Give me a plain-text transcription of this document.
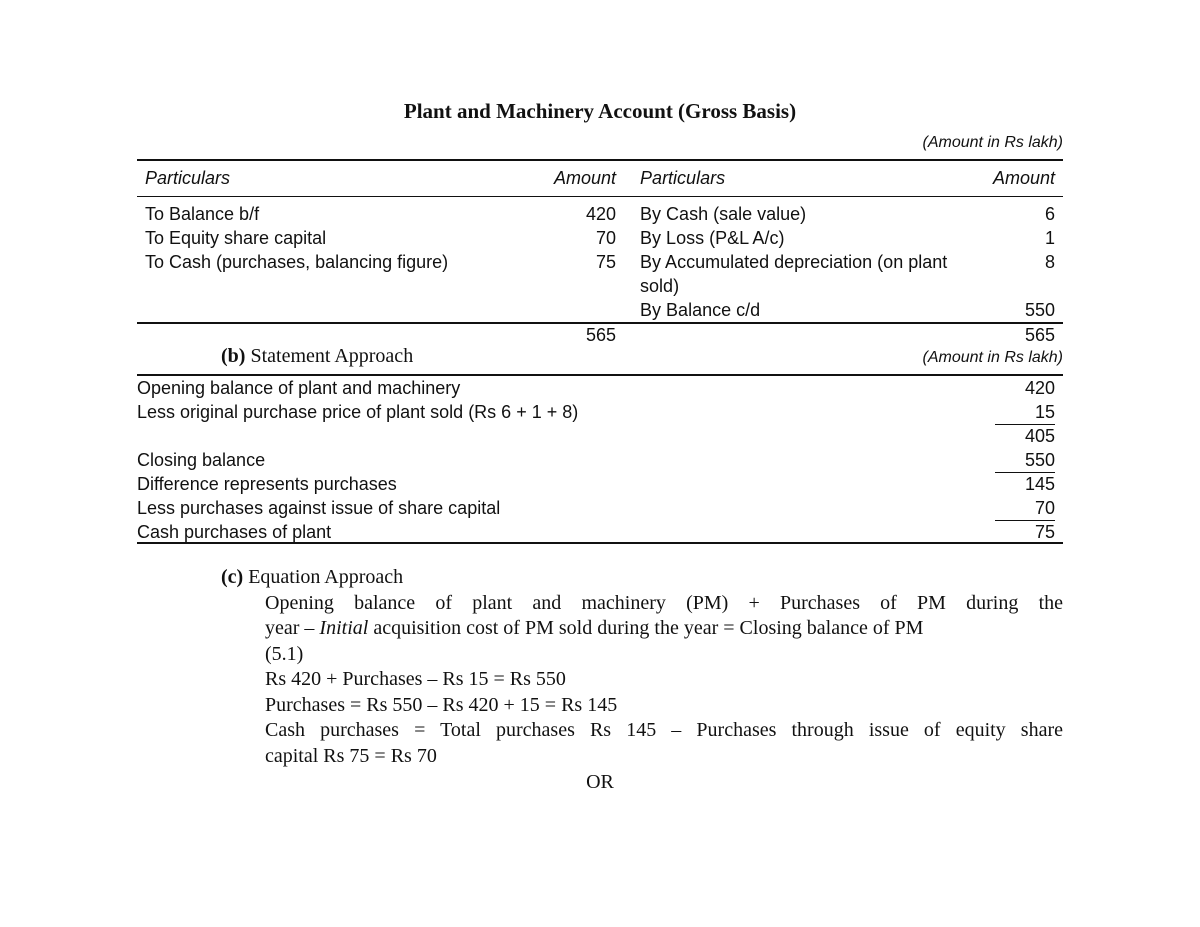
Plant and Machinery Account (Gross Basis)
(Amount in Rs lakh)
Particulars	Amount	Particulars	Amount

To Balance b/f	420	By Cash (sale value)	6
To Equity share capital	70	By Loss (P&L A/c)	1
To Cash (purchases, balancing figure)	75	By Accumulated depreciation (on plant sold)	8
		By Balance c/d	550
	565		565
(b) Statement Approach	(Amount in Rs lakh)
Opening balance of plant and machinery	420
Less original purchase price of plant sold (Rs 6 + 1 + 8)	15
	405
Closing balance	550
Difference represents purchases	145
Less purchases against issue of share capital	70
Cash purchases of plant	75
(c) Equation Approach
Opening balance of plant and machinery (PM) + Purchases of PM during the
year – Initial acquisition cost of PM sold during the year = Closing balance of PM
(5.1)
Rs 420 + Purchases – Rs 15 = Rs 550
Purchases = Rs 550 – Rs 420 + 15 = Rs 145
Cash purchases = Total purchases Rs 145 – Purchases through issue of equity share
capital Rs 75 = Rs 70
OR
